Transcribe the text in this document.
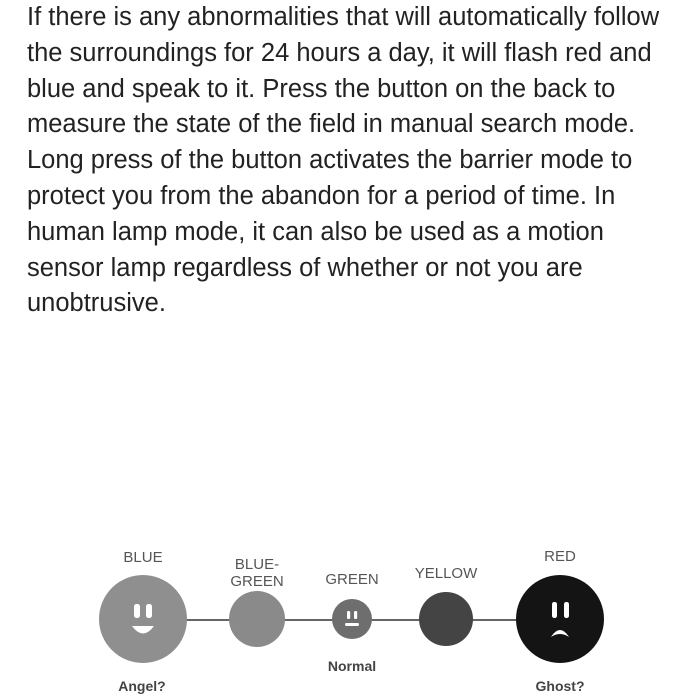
If there is any abnormalities that will automatically follow the surroundings for 24 hours a day, it will flash red and blue and speak to it. Press the button on the back to measure the state of the field in manual search mode. Long press of the button activates the barrier mode to protect you from the abandon for a period of time. In human lamp mode, it can also be used as a motion sensor lamp regardless of whether or not you are unobtrusive.

BLUE
Angel?
BLUE-
GREEN	GREEN
Normal
YELLOW
RED
Ghost?
